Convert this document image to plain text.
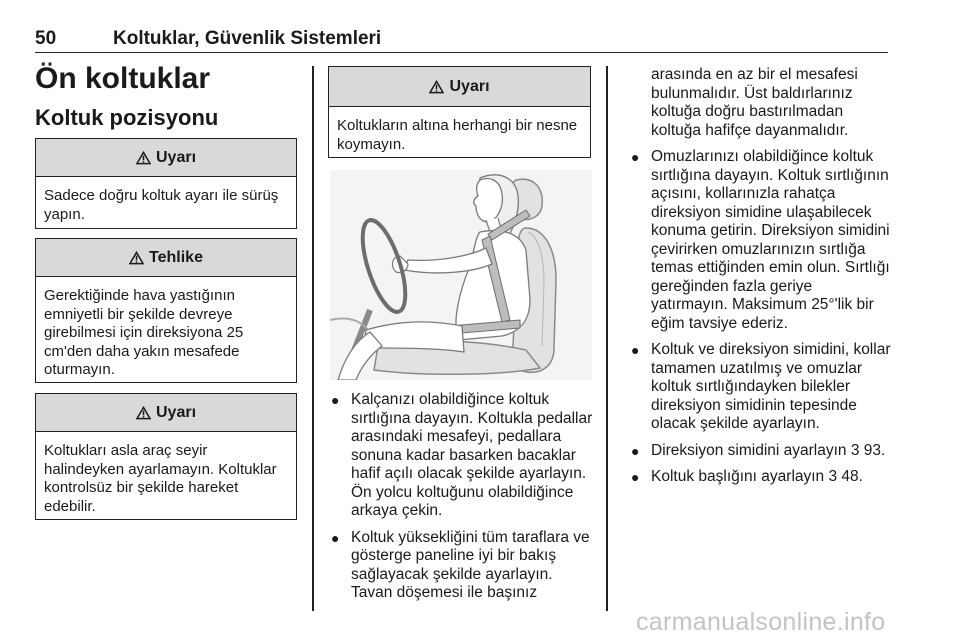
50	Koltuklar, Güvenlik Sistemleri
Ön koltuklar
Koltuk pozisyonu
Uyarı
Sadece doğru koltuk ayarı ile sürüş yapın.
Tehlike
Gerektiğinde hava yastığının emniyetli bir şekilde devreye girebilmesi için direksiyona 25 cm'den daha yakın mesafede oturmayın.
Uyarı
Koltukları asla araç seyir halindeyken ayarlamayın. Koltuklar kontrolsüz bir şekilde hareket edebilir.
Uyarı
Koltukların altına herhangi bir nesne koymayın.

● Kalçanızı olabildiğince koltuk sırtlığına dayayın. Koltukla pedallar arasındaki mesafeyi, pedallara sonuna kadar basarken bacaklar hafif açılı olacak şekilde ayarlayın. Ön yolcu koltuğunu olabildiğince arkaya çekin.

● Koltuk yüksekliğini tüm taraflara ve gösterge paneline iyi bir bakış sağlayacak şekilde ayarlayın. Tavan döşemesi ile başınız

arasında en az bir el mesafesi bulunmalıdır. Üst baldırlarınız koltuğa doğru bastırılmadan koltuğa hafifçe dayanmalıdır.

● Omuzlarınızı olabildiğince koltuk sırtlığına dayayın. Koltuk sırtlığının açısını, kollarınızla rahatça direksiyon simidine ulaşabilecek konuma getirin. Direksiyon simidini çevirirken omuzlarınızın sırtlığa temas ettiğinden emin olun. Sırtlığı gereğinden fazla geriye yatırmayın. Maksimum 25°'lik bir eğim tavsiye ederiz.

● Koltuk ve direksiyon simidini, kollar tamamen uzatılmış ve omuzlar koltuk sırtlığındayken bilekler direksiyon simidinin tepesinde olacak şekilde ayarlayın.

● Direksiyon simidini ayarlayın 3 93.

● Koltuk başlığını ayarlayın 3 48.

carmanualsonline.info
